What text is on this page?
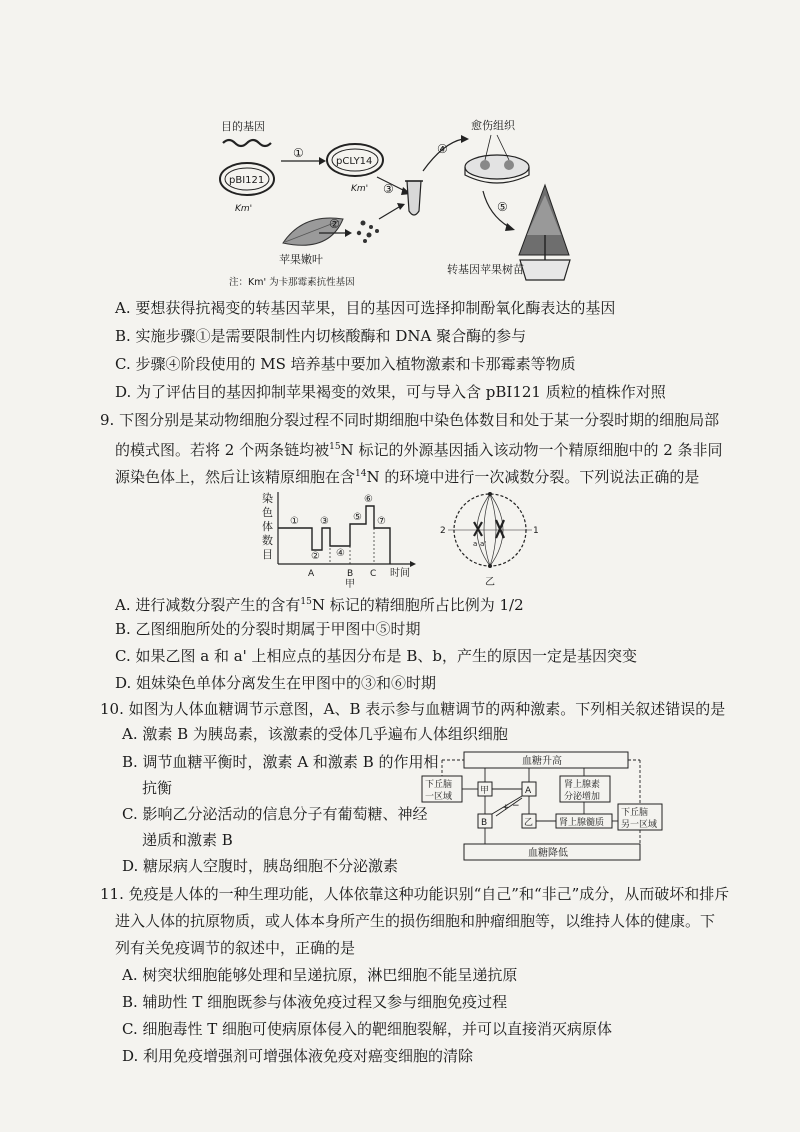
目的基因
pBI121
Km'
①
pCLY14
Km' ③
苹果嫩叶
②
④
愈伤组织
⑤
注：Km' 为卡那霉素抗性基因
转基因苹果树苗
A. 要想获得抗褐变的转基因苹果，目的基因可选择抑制酚氧化酶表达的基因
B. 实施步骤①是需要限制性内切核酸酶和 DNA 聚合酶的参与
C. 步骤④阶段使用的 MS 培养基中要加入植物激素和卡那霉素等物质
D. 为了评估目的基因抑制苹果褐变的效果，可与导入含 pBI121 质粒的植株作对照
9. 下图分别是某动物细胞分裂过程不同时期细胞中染色体数目和处于某一分裂时期的细胞局部
的模式图。若将 2 个两条链均被$^{15}$N 标记的外源基因插入该动物一个精原细胞中的 2 条非同
源染色体上，然后让该精原细胞在含$^{14}$N 的环境中进行一次减数分裂。下列说法正确的是
染
色
体
数
目
①
②
③
④
⑤
⑥
⑦
A	B C 时间
甲
2
a a'
1
乙
A. 进行减数分裂产生的含有$^{15}$N 标记的精细胞所占比例为 1/2
B. 乙图细胞所处的分裂时期属于甲图中⑤时期
C. 如果乙图 a 和 a' 上相应点的基因分布是 B、b，产生的原因一定是基因突变
D. 姐妹染色单体分离发生在甲图中的③和⑥时期
10. 如图为人体血糖调节示意图，A、B 表示参与血糖调节的两种激素。下列相关叙述错误的是
A. 激素 B 为胰岛素，该激素的受体几乎遍布人体组织细胞
B. 调节血糖平衡时，激素 A 和激素 B 的作用相
抗衡
C. 影响乙分泌活动的信息分子有葡萄糖、神经
递质和激素 B
D. 糖尿病人空腹时，胰岛细胞不分泌激素
血糖升高
血糖降低
下丘脑
一区域
甲	A
B	乙
肾上腺素
分泌增加
肾上腺髓质
下丘脑
另一区域
+ −
11. 免疫是人体的一种生理功能，人体依靠这种功能识别“自己”和“非己”成分，从而破坏和排斥
进入人体的抗原物质，或人体本身所产生的损伤细胞和肿瘤细胞等，以维持人体的健康。下
列有关免疫调节的叙述中，正确的是
A. 树突状细胞能够处理和呈递抗原，淋巴细胞不能呈递抗原
B. 辅助性 T 细胞既参与体液免疫过程又参与细胞免疫过程
C. 细胞毒性 T 细胞可使病原体侵入的靶细胞裂解，并可以直接消灭病原体
D. 利用免疫增强剂可增强体液免疫对癌变细胞的清除
